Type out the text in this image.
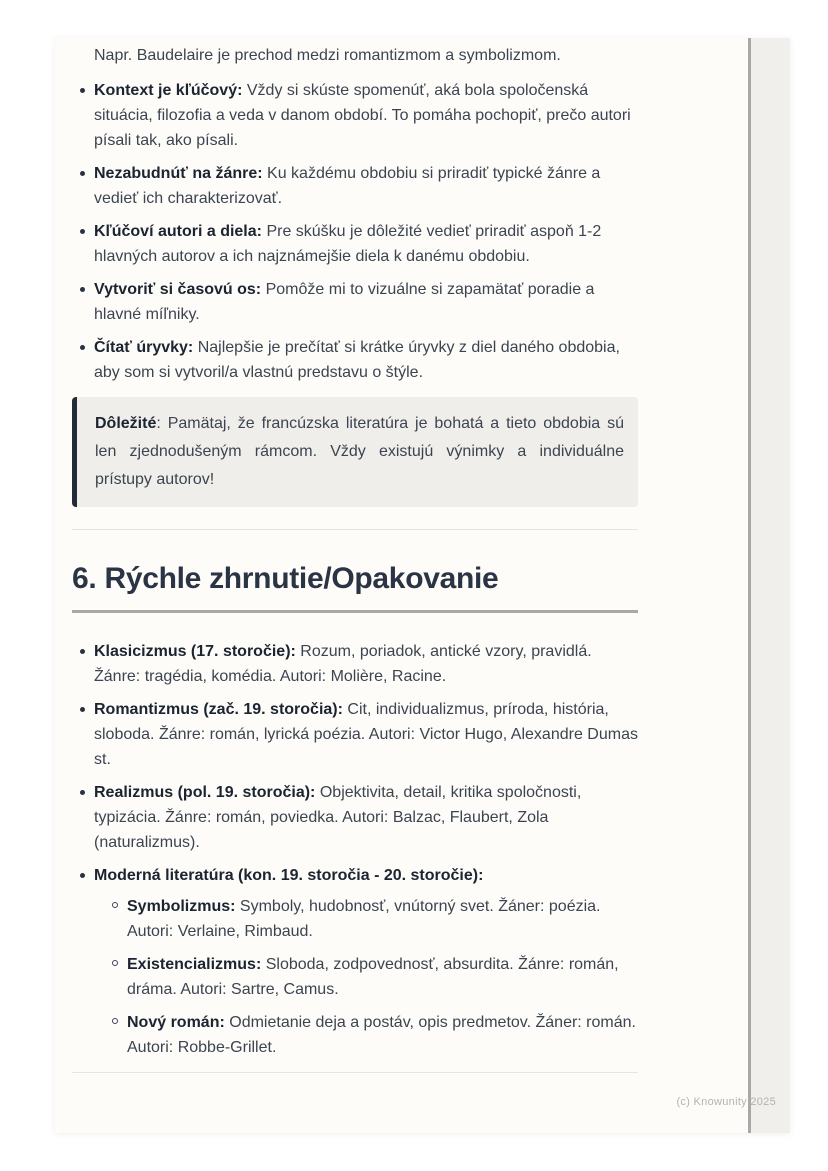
Napr. Baudelaire je prechod medzi romantizmom a symbolizmom.

Kontext je kľúčový: Vždy si skúste spomenúť, aká bola spoločenská situácia, filozofia a veda v danom období. To pomáha pochopiť, prečo autori písali tak, ako písali.
Nezabudnúť na žánre: Ku každému obdobiu si priradiť typické žánre a vedieť ich charakterizovať.
Kľúčoví autori a diela: Pre skúšku je dôležité vedieť priradiť aspoň 1-2 hlavných autorov a ich najznámejšie diela k danému obdobiu.
Vytvoriť si časovú os: Pomôže mi to vizuálne si zapamätať poradie a hlavné míľniky.
Čítať úryvky: Najlepšie je prečítať si krátke úryvky z diel daného obdobia, aby som si vytvoril/a vlastnú predstavu o štýle.

Dôležité: Pamätaj, že francúzska literatúra je bohatá a tieto obdobia sú len zjednodušeným rámcom. Vždy existujú výnimky a individuálne prístupy autorov!

6. Rýchle zhrnutie/Opakovanie
Klasicizmus (17. storočie): Rozum, poriadok, antické vzory, pravidlá. Žánre: tragédia, komédia. Autori: Molière, Racine.
Romantizmus (zač. 19. storočia): Cit, individualizmus, príroda, história, sloboda. Žánre: román, lyrická poézia. Autori: Victor Hugo, Alexandre Dumas st.
Realizmus (pol. 19. storočia): Objektivita, detail, kritika spoločnosti, typizácia. Žánre: román, poviedka. Autori: Balzac, Flaubert, Zola (naturalizmus).
Moderná literatúra (kon. 19. storočia - 20. storočie):
Symbolizmus: Symboly, hudobnosť, vnútorný svet. Žáner: poézia. Autori: Verlaine, Rimbaud.
Existencializmus: Sloboda, zodpovednosť, absurdita. Žánre: román, dráma. Autori: Sartre, Camus.
Nový román: Odmietanie deja a postáv, opis predmetov. Žáner: román. Autori: Robbe-Grillet.
(c) Knowunity 2025
